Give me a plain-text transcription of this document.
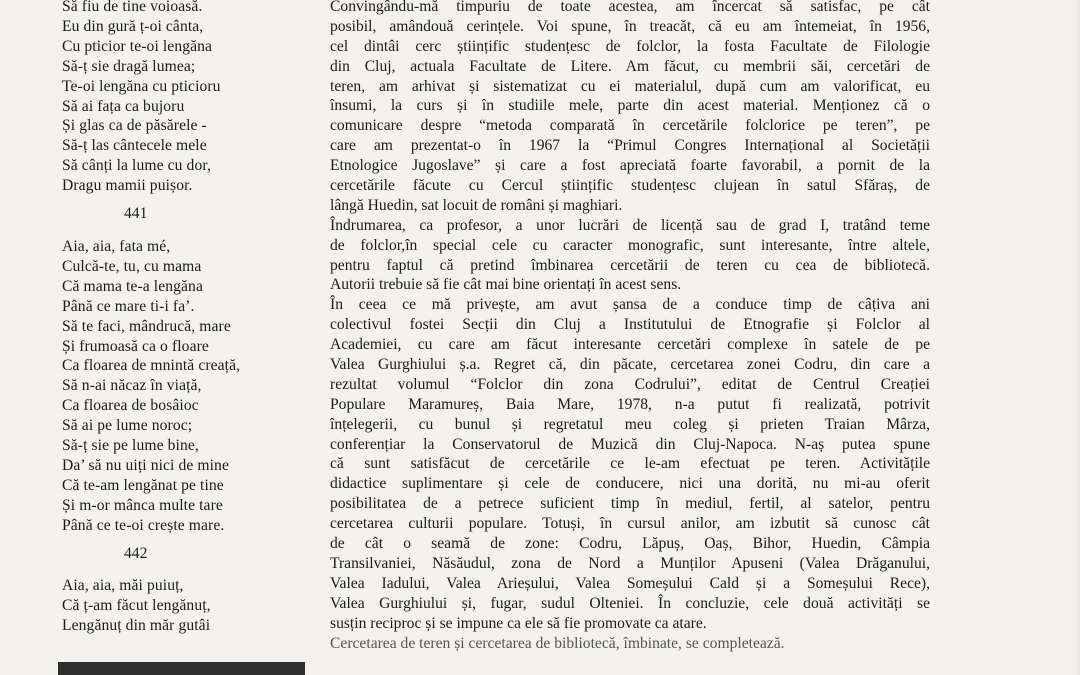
Să fiu de tine voioasă.
Eu din gură ț-oi cânta,
Cu pticior te-oi lengăna
Să-ț sie dragă lumea;
Te-oi lengăna cu pticioru
Să ai fața ca bujoru
Și glas ca de păsărele -
Să-ț las cântecele mele
Să cânți la lume cu dor,
Dragu mamii puișor.
441
Aia, aia, fata mé,
Culcă-te, tu, cu mama
Că mama te-a lengăna
Până ce mare ti-i fa’.
Să te faci, mândrucă, mare
Și frumoasă ca o floare
Ca floarea de mnintă creață,
Să n-ai năcaz în viață,
Ca floarea de bosâioc
Să ai pe lume noroc;
Să-ț sie pe lume bine,
Da’ să nu uiți nici de mine
Că te-am lengănat pe tine
Și m-or mânca multe tare
Până ce te-oi crește mare.
442
Aia, aia, măi puiuț,
Că ț-am făcut lengănuț,
Lengănuț din măr gutâi
Convingându-mă timpuriu de toate acestea, am încercat să satisfac, pe cât
posibil, amândouă cerințele. Voi spune, în treacăt, că eu am întemeiat, în 1956,
cel dintâi cerc științific studențesc de folclor, la fosta Facultate de Filologie
din Cluj, actuala Facultate de Litere. Am făcut, cu membrii săi, cercetări de
teren, am arhivat și sistematizat cu ei materialul, după cum am valorificat, eu
însumi, la curs și în studiile mele, parte din acest material. Menționez că o
comunicare despre “metoda comparată în cercetările folclorice pe teren”, pe
care am prezentat-o în 1967 la “Primul Congres Internațional al Societății
Etnologice Jugoslave” și care a fost apreciată foarte favorabil, a pornit de la
cercetările făcute cu Cercul științific studențesc clujean în satul Sfăraș, de
lângă Huedin, sat locuit de români și maghiari.
Îndrumarea, ca profesor, a unor lucrări de licență sau de grad I, tratând teme
de folclor,în special cele cu caracter monografic, sunt interesante, între altele,
pentru faptul că pretind îmbinarea cercetării de teren cu cea de bibliotecă.
Autorii trebuie să fie cât mai bine orientați în acest sens.
În ceea ce mă privește, am avut șansa de a conduce timp de câțiva ani
colectivul fostei Secții din Cluj a Institutului de Etnografie și Folclor al
Academiei, cu care am făcut interesante cercetări complexe în satele de pe
Valea Gurghiului ș.a. Regret că, din păcate, cercetarea zonei Codru, din care a
rezultat volumul “Folclor din zona Codrului”, editat de Centrul Creației
Populare Maramureș, Baia Mare, 1978, n-a putut fi realizată, potrivit
înțelegerii, cu bunul și regretatul meu coleg și prieten Traian Mârza,
conferențiar la Conservatorul de Muzică din Cluj-Napoca. N-aș putea spune
că sunt satisfăcut de cercetările ce le-am efectuat pe teren. Activitățile
didactice suplimentare și cele de conducere, nici una dorită, nu mi-au oferit
posibilitatea de a petrece suficient timp în mediul, fertil, al satelor, pentru
cercetarea culturii populare. Totuși, în cursul anilor, am izbutit să cunosc cât
de cât o seamă de zone: Codru, Lăpuș, Oaș, Bihor, Huedin, Câmpia
Transilvaniei, Năsăudul, zona de Nord a Munților Apuseni (Valea Drăganului,
Valea Iadului, Valea Arieșului, Valea Someșului Cald și a Someșului Rece),
Valea Gurghiului și, fugar, sudul Olteniei. În concluzie, cele două activități se
susțin reciproc și se impune ca ele să fie promovate ca atare.
Cercetarea de teren și cercetarea de bibliotecă, îmbinate, se completează.
